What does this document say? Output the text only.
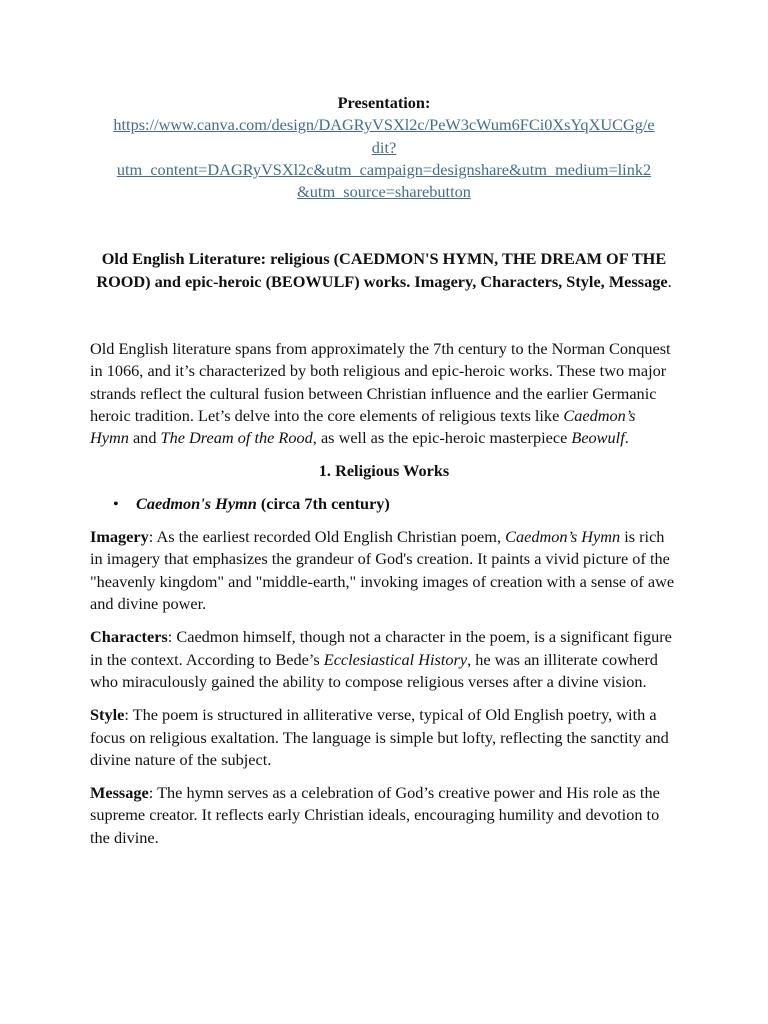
Presentation:

https://www.canva.com/design/DAGRyVSXl2c/PeW3cWum6FCi0XsYqXUCGg/e
dit?
utm_content=DAGRyVSXl2c&utm_campaign=designshare&utm_medium=link2
&utm_source=sharebutton

Old English Literature: religious (CAEDMON'S HYMN, THE DREAM OF THE ROOD) and epic-heroic (BEOWULF) works. Imagery, Characters, Style, Message.

Old English literature spans from approximately the 7th century to the Norman Conquest in 1066, and it’s characterized by both religious and epic-heroic works. These two major strands reflect the cultural fusion between Christian influence and the earlier Germanic heroic tradition. Let’s delve into the core elements of religious texts like Caedmon’s Hymn and The Dream of the Rood, as well as the epic-heroic masterpiece Beowulf.

1. Religious Works

• Caedmon's Hymn (circa 7th century)

Imagery: As the earliest recorded Old English Christian poem, Caedmon’s Hymn is rich in imagery that emphasizes the grandeur of God's creation. It paints a vivid picture of the "heavenly kingdom" and "middle-earth," invoking images of creation with a sense of awe and divine power.

Characters: Caedmon himself, though not a character in the poem, is a significant figure in the context. According to Bede’s Ecclesiastical History, he was an illiterate cowherd who miraculously gained the ability to compose religious verses after a divine vision.

Style: The poem is structured in alliterative verse, typical of Old English poetry, with a focus on religious exaltation. The language is simple but lofty, reflecting the sanctity and divine nature of the subject.

Message: The hymn serves as a celebration of God’s creative power and His role as the supreme creator. It reflects early Christian ideals, encouraging humility and devotion to the divine.
